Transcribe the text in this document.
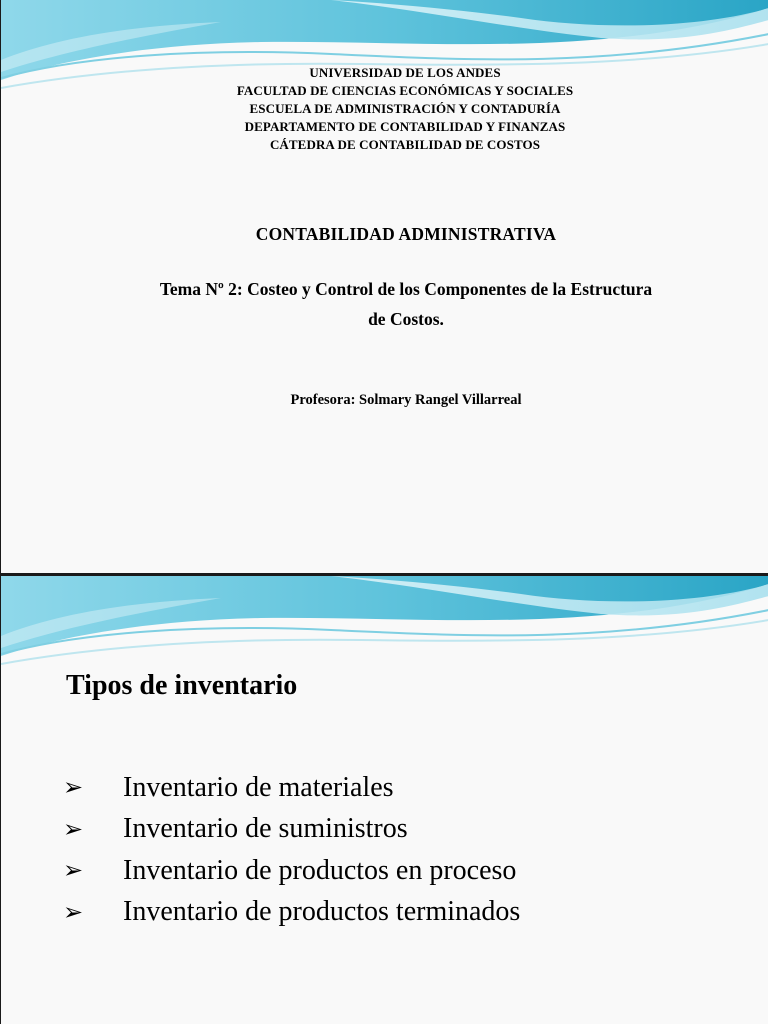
UNIVERSIDAD DE LOS ANDES
FACULTAD DE CIENCIAS ECONÓMICAS Y SOCIALES
ESCUELA DE ADMINISTRACIÓN Y CONTADURÍA
DEPARTAMENTO DE CONTABILIDAD Y FINANZAS
CÁTEDRA DE CONTABILIDAD DE COSTOS
CONTABILIDAD ADMINISTRATIVA
Tema Nº 2: Costeo y Control de los Componentes de la Estructura
de Costos.
Profesora: Solmary Rangel Villarreal
Tipos de inventario
➢	Inventario de materiales
➢	Inventario de suministros
➢	Inventario de productos en proceso
➢	Inventario de productos terminados
